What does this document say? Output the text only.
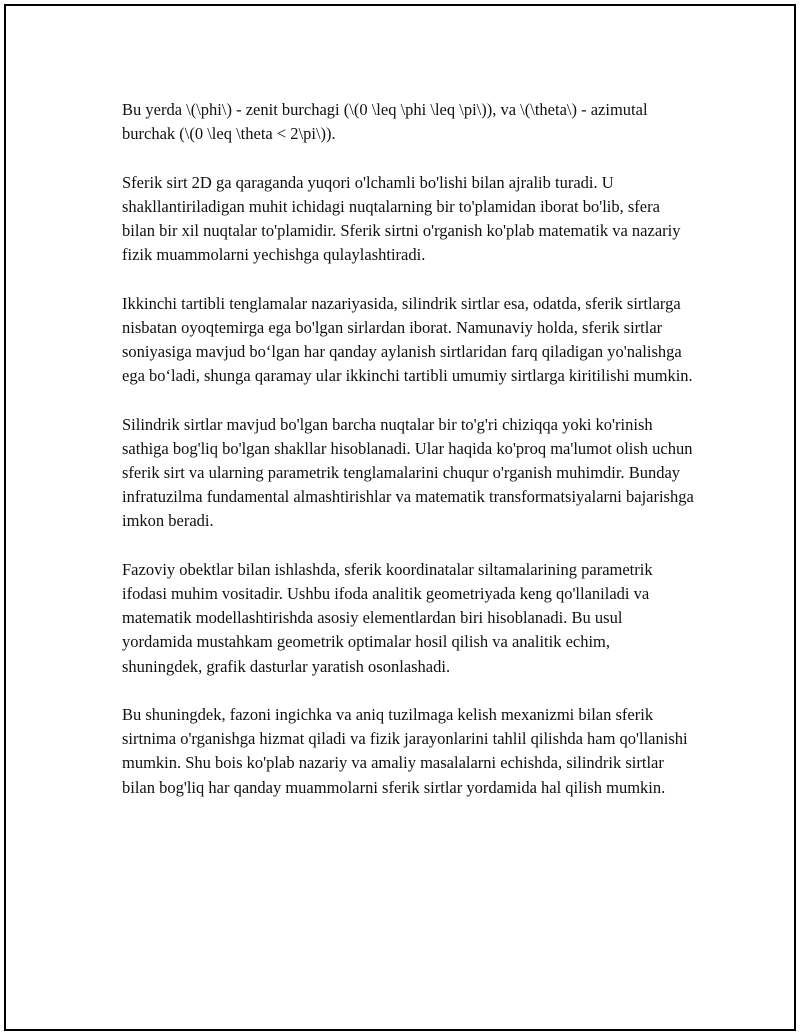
Bu yerda \(\phi\) - zenit burchagi (\(0 \leq \phi \leq \pi\)), va \(\theta\) - azimutal burchak (\(0 \leq \theta < 2\pi\)).

Sferik sirt 2D ga qaraganda yuqori o'lchamli bo'lishi bilan ajralib turadi. U shakllantiriladigan muhit ichidagi nuqtalarning bir to'plamidan iborat bo'lib, sfera bilan bir xil nuqtalar to'plamidir. Sferik sirtni o'rganish ko'plab matematik va nazariy fizik muammolarni yechishga qulaylashtiradi.

Ikkinchi tartibli tenglamalar nazariyasida, silindrik sirtlar esa, odatda, sferik sirtlarga nisbatan oyoqtemirga ega bo'lgan sirlardan iborat. Namunaviy holda, sferik sirtlar soniyasiga mavjud bo‘lgan har qanday aylanish sirtlaridan farq qiladigan yo'nalishga ega bo‘ladi, shunga qaramay ular ikkinchi tartibli umumiy sirtlarga kiritilishi mumkin.

Silindrik sirtlar mavjud bo'lgan barcha nuqtalar bir to'g'ri chiziqqa yoki ko'rinish sathiga bog'liq bo'lgan shakllar hisoblanadi. Ular haqida ko'proq ma'lumot olish uchun sferik sirt va ularning parametrik tenglamalarini chuqur o'rganish muhimdir. Bunday infratuzilma fundamental almashtirishlar va matematik transformatsiyalarni bajarishga imkon beradi.

Fazoviy obektlar bilan ishlashda, sferik koordinatalar siltamalarining parametrik ifodasi muhim vositadir. Ushbu ifoda analitik geometriyada keng qo'llaniladi va matematik modellashtirishda asosiy elementlardan biri hisoblanadi. Bu usul yordamida mustahkam geometrik optimalar hosil qilish va analitik echim, shuningdek, grafik dasturlar yaratish osonlashadi.

Bu shuningdek, fazoni ingichka va aniq tuzilmaga kelish mexanizmi bilan sferik sirtnima o'rganishga hizmat qiladi va fizik jarayonlarini tahlil qilishda ham qo'llanishi mumkin. Shu bois ko'plab nazariy va amaliy masalalarni echishda, silindrik sirtlar bilan bog'liq har qanday muammolarni sferik sirtlar yordamida hal qilish mumkin.
